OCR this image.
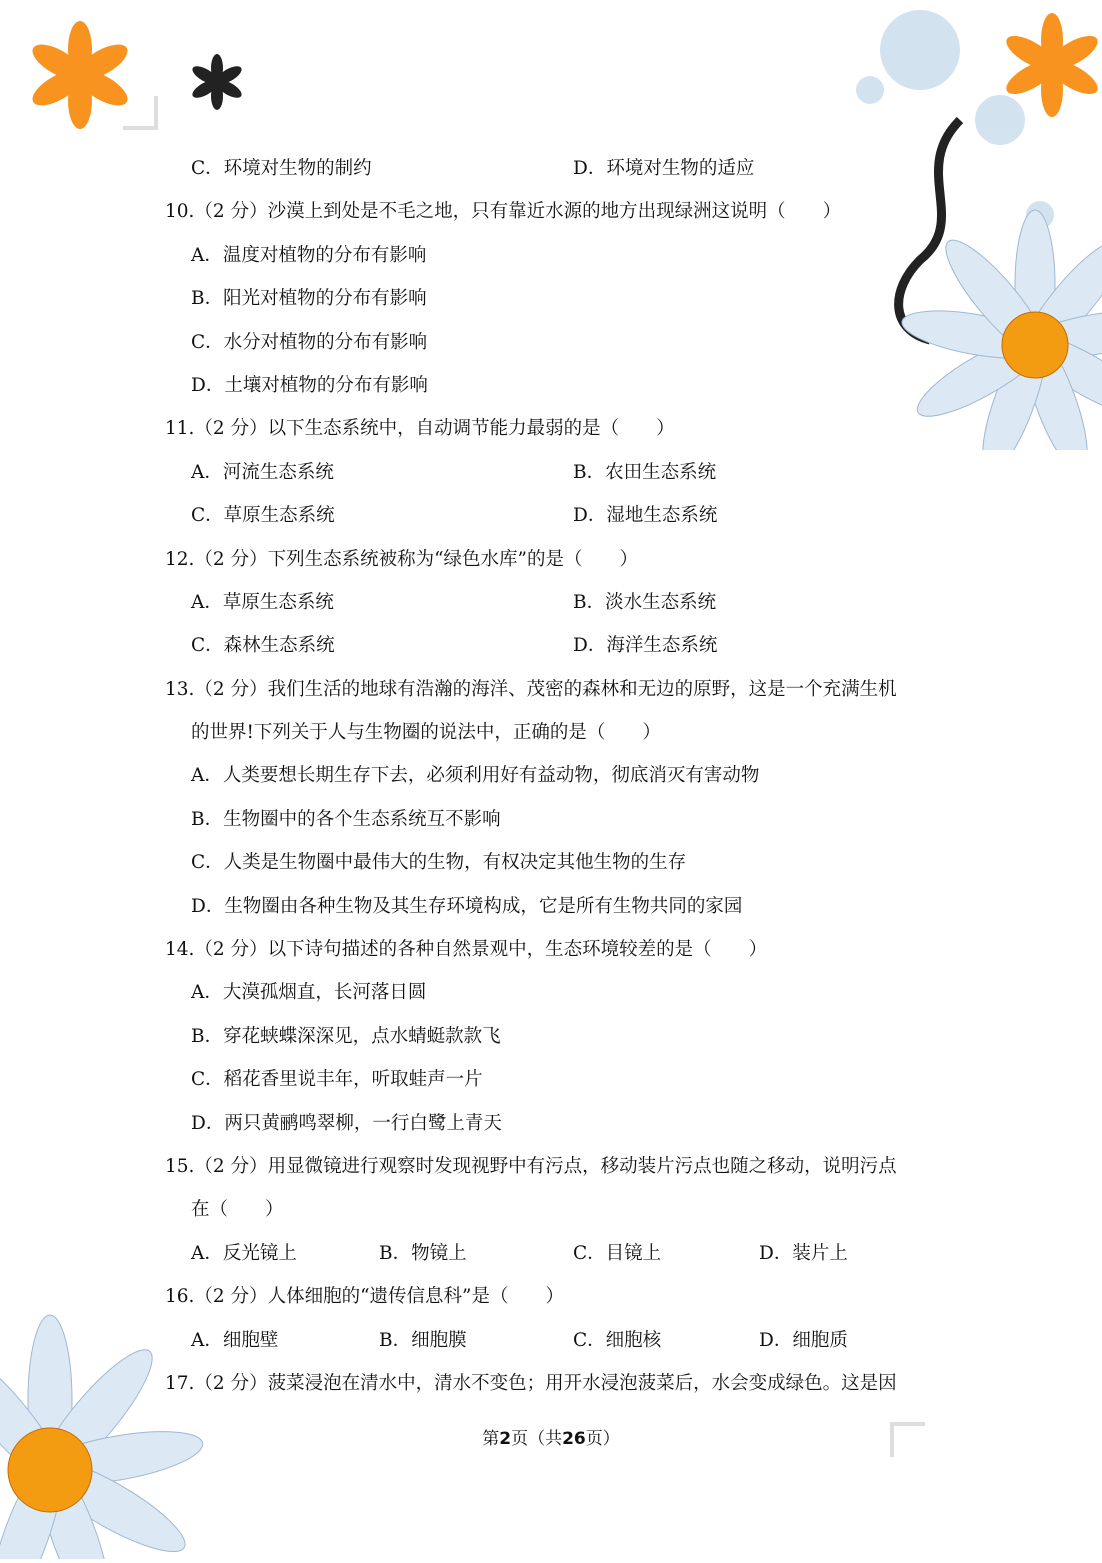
C．环境对生物的制约	D．环境对生物的适应
10.（2 分）沙漠上到处是不毛之地，只有靠近水源的地方出现绿洲这说明（　　）
A．温度对植物的分布有影响
B．阳光对植物的分布有影响
C．水分对植物的分布有影响
D．土壤对植物的分布有影响
11.（2 分）以下生态系统中，自动调节能力最弱的是（　　）
A．河流生态系统	B．农田生态系统
C．草原生态系统	D．湿地生态系统
12.（2 分）下列生态系统被称为“绿色水库”的是（　　）
A．草原生态系统	B．淡水生态系统
C．森林生态系统	D．海洋生态系统
13.（2 分）我们生活的地球有浩瀚的海洋、茂密的森林和无边的原野，这是一个充满生机
的世界!下列关于人与生物圈的说法中，正确的是（　　）
A．人类要想长期生存下去，必须利用好有益动物，彻底消灭有害动物
B．生物圈中的各个生态系统互不影响
C．人类是生物圈中最伟大的生物，有权决定其他生物的生存
D．生物圈由各种生物及其生存环境构成，它是所有生物共同的家园
14.（2 分）以下诗句描述的各种自然景观中，生态环境较差的是（　　）
A．大漠孤烟直，长河落日圆
B．穿花蛱蝶深深见，点水蜻蜓款款飞
C．稻花香里说丰年，听取蛙声一片
D．两只黄鹂鸣翠柳，一行白鹭上青天
15.（2 分）用显微镜进行观察时发现视野中有污点，移动装片污点也随之移动，说明污点
在（　　）
A．反光镜上	B．物镜上	C．目镜上	D．装片上
16.（2 分）人体细胞的“遗传信息科”是（　　）
A．细胞壁	B．细胞膜	C．细胞核	D．细胞质
17.（2 分）菠菜浸泡在清水中，清水不变色；用开水浸泡菠菜后，水会变成绿色。这是因
第2页（共26页）
